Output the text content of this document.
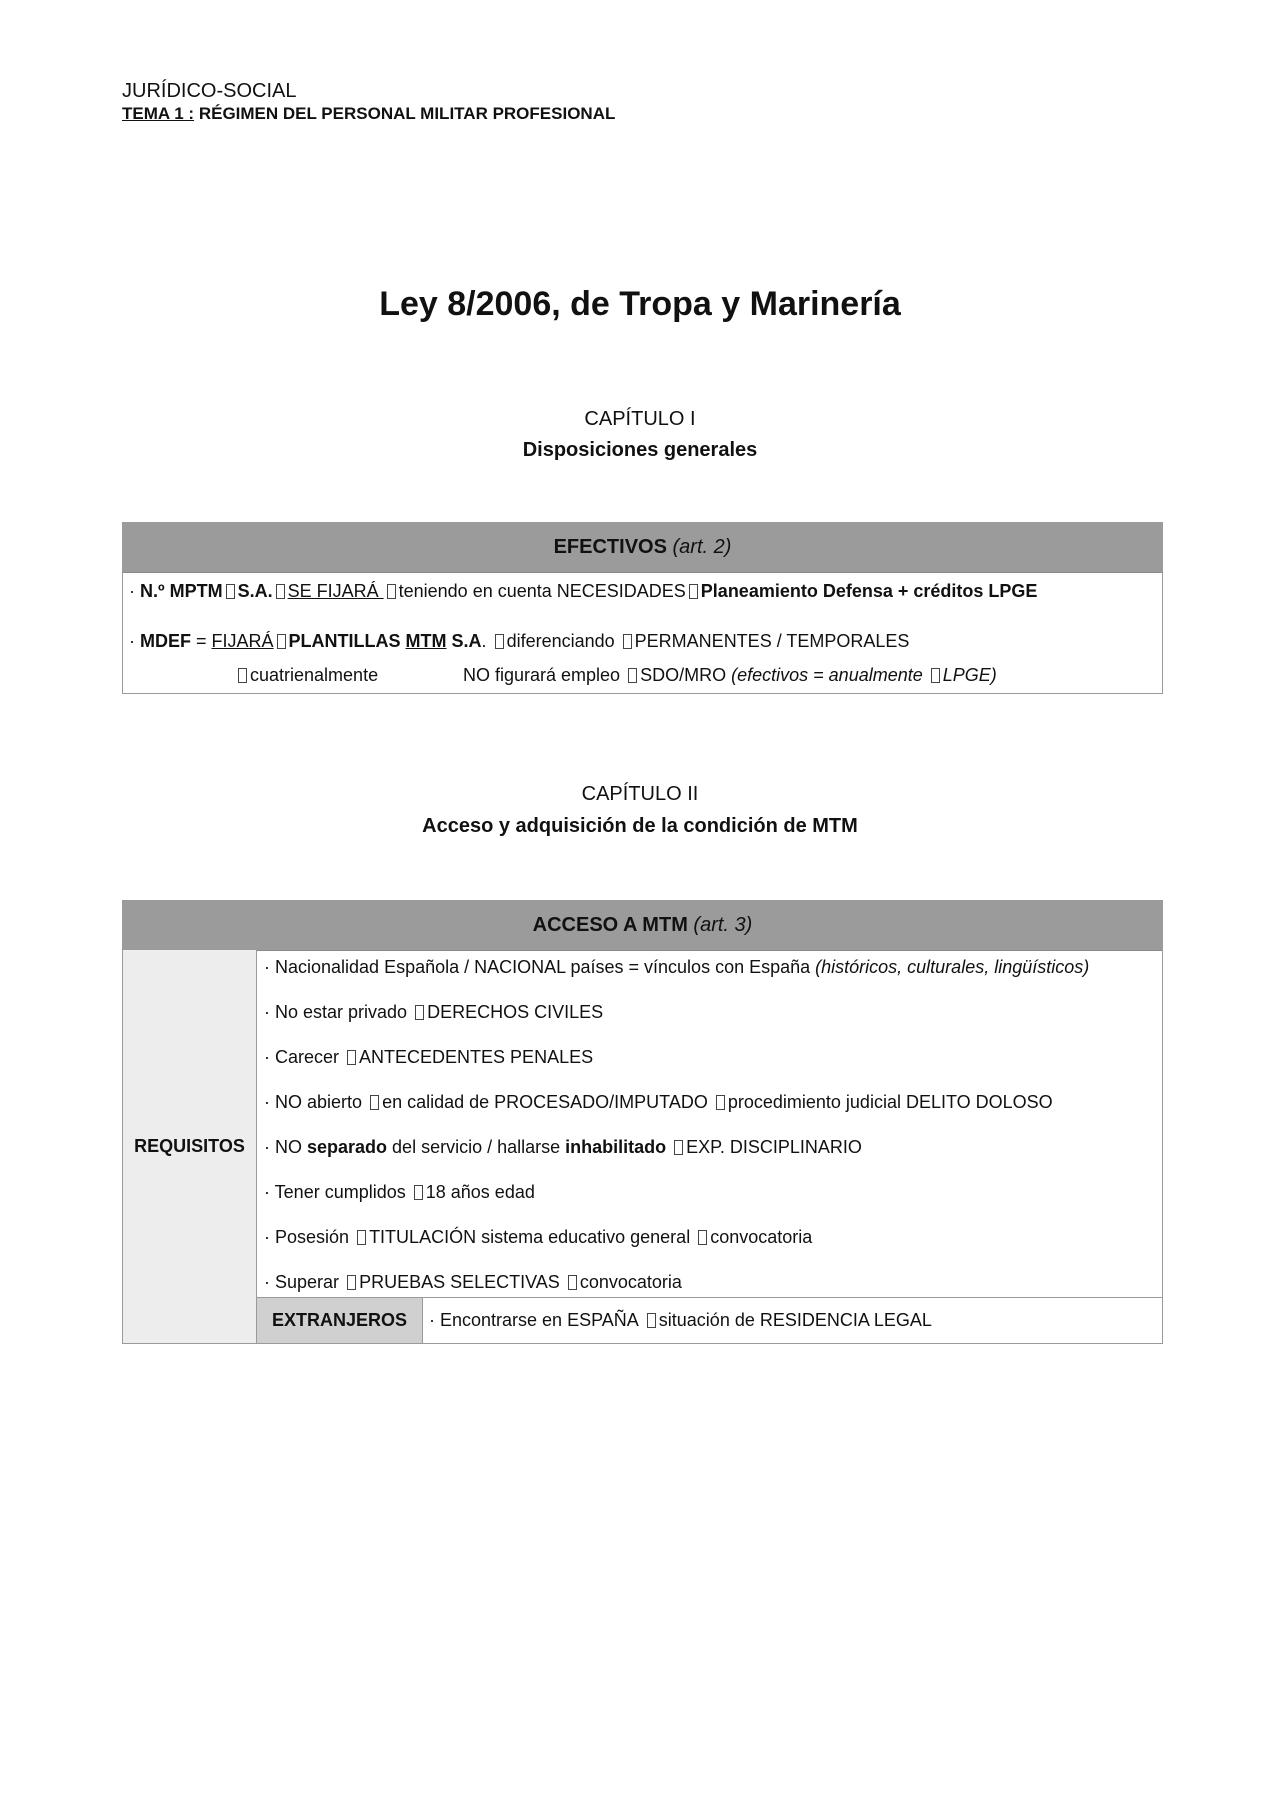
JURÍDICO-SOCIAL
TEMA 1 : RÉGIMEN DEL PERSONAL MILITAR PROFESIONAL
Ley 8/2006, de Tropa y Marinería
CAPÍTULO I
Disposiciones generales
EFECTIVOS (art. 2)
· N.º MPTM S.A. SE FIJARÁ teniendo en cuenta NECESIDADES Planeamiento Defensa + créditos LPGE
· MDEF = FIJARÁ PLANTILLAS MTM S.A. diferenciando PERMANENTES / TEMPORALES
cuatrienalmente	NO figurará empleo SDO/MRO (efectivos = anualmente LPGE)
CAPÍTULO II
Acceso y adquisición de la condición de MTM
ACCESO A MTM (art. 3)
REQUISITOS
· Nacionalidad Española / NACIONAL países = vínculos con España (históricos, culturales, lingüísticos)
· No estar privado DERECHOS CIVILES
· Carecer ANTECEDENTES PENALES
· NO abierto en calidad de PROCESADO/IMPUTADO procedimiento judicial DELITO DOLOSO
· NO separado del servicio / hallarse inhabilitado EXP. DISCIPLINARIO
· Tener cumplidos 18 años edad
· Posesión TITULACIÓN sistema educativo general convocatoria
· Superar PRUEBAS SELECTIVAS convocatoria
EXTRANJEROS	· Encontrarse en ESPAÑA
situación de RESIDENCIA LEGAL
